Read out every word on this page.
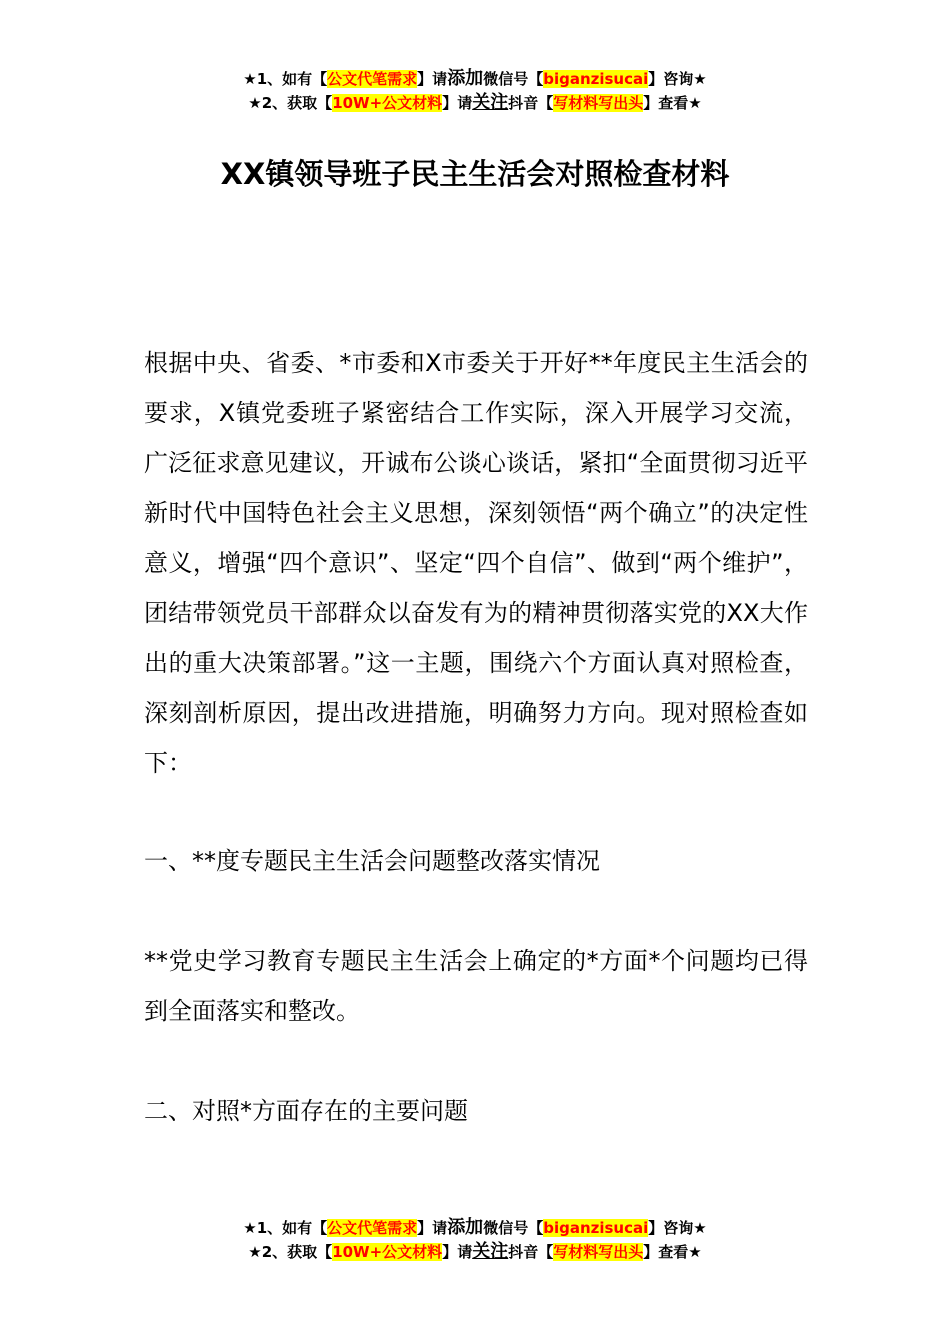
★1、如有【公文代笔需求】请添加微信号【biganzisucai】咨询★
★2、获取【10W+公文材料】请关注抖音【写材料写出头】查看★
XX镇领导班子民主生活会对照检查材料
根据中央、省委、*市委和X市委关于开好**年度民主生活会的要求，X镇党委班子紧密结合工作实际，深入开展学习交流，广泛征求意见建议，开诚布公谈心谈话，紧扣“全面贯彻习近平新时代中国特色社会主义思想，深刻领悟“两个确立”的决定性意义，增强“四个意识”、坚定“四个自信”、做到“两个维护”，团结带领党员干部群众以奋发有为的精神贯彻落实党的XX大作出的重大决策部署。”这一主题，围绕六个方面认真对照检查，深刻剖析原因，提出改进措施，明确努力方向。现对照检查如下：
一、**度专题民主生活会问题整改落实情况
**党史学习教育专题民主生活会上确定的*方面*个问题均已得到全面落实和整改。
二、对照*方面存在的主要问题
★1、如有【公文代笔需求】请添加微信号【biganzisucai】咨询★
★2、获取【10W+公文材料】请关注抖音【写材料写出头】查看★
